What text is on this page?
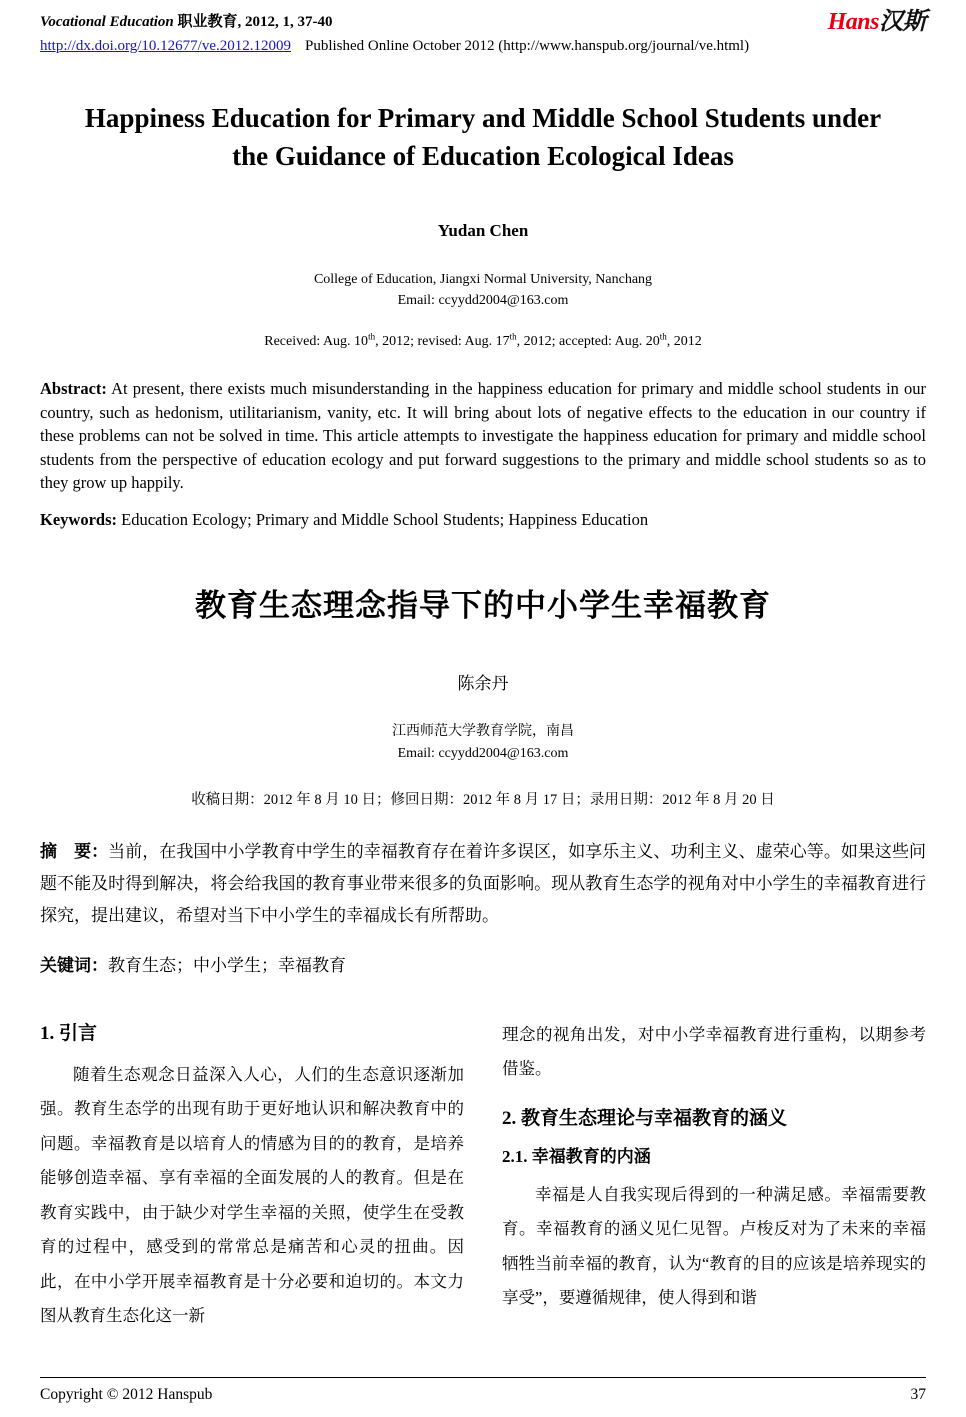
Vocational Education 职业教育, 2012, 1, 37-40	Hans汉斯
http://dx.doi.org/10.12677/ve.2012.12009 Published Online October 2012 (http://www.hanspub.org/journal/ve.html)
Happiness Education for Primary and Middle School Students under the Guidance of Education Ecological Ideas
Yudan Chen
College of Education, Jiangxi Normal University, Nanchang
Email: ccyydd2004@163.com
Received: Aug. 10th, 2012; revised: Aug. 17th, 2012; accepted: Aug. 20th, 2012

Abstract: At present, there exists much misunderstanding in the happiness education for primary and middle school students in our country, such as hedonism, utilitarianism, vanity, etc. It will bring about lots of negative effects to the education in our country if these problems can not be solved in time. This article attempts to investigate the happiness education for primary and middle school students from the perspective of education ecology and put forward suggestions to the primary and middle school students so as to they grow up happily.

Keywords: Education Ecology; Primary and Middle School Students; Happiness Education

教育生态理念指导下的中小学生幸福教育
陈余丹
江西师范大学教育学院，南昌
Email: ccyydd2004@163.com
收稿日期：2012 年 8 月 10 日；修回日期：2012 年 8 月 17 日；录用日期：2012 年 8 月 20 日

摘　要：当前，在我国中小学教育中学生的幸福教育存在着许多误区，如享乐主义、功利主义、虚荣心等。如果这些问题不能及时得到解决，将会给我国的教育事业带来很多的负面影响。现从教育生态学的视角对中小学生的幸福教育进行探究，提出建议，希望对当下中小学生的幸福成长有所帮助。

关键词：教育生态；中小学生；幸福教育

1. 引言

随着生态观念日益深入人心，人们的生态意识逐渐加强。教育生态学的出现有助于更好地认识和解决教育中的问题。幸福教育是以培育人的情感为目的的教育，是培养能够创造幸福、享有幸福的全面发展的人的教育。但是在教育实践中，由于缺少对学生幸福的关照，使学生在受教育的过程中，感受到的常常总是痛苦和心灵的扭曲。因此，在中小学开展幸福教育是十分必要和迫切的。本文力图从教育生态化这一新

理念的视角出发，对中小学幸福教育进行重构，以期参考借鉴。

2. 教育生态理论与幸福教育的涵义
2.1. 幸福教育的内涵

幸福是人自我实现后得到的一种满足感。幸福需要教育。幸福教育的涵义见仁见智。卢梭反对为了未来的幸福牺牲当前幸福的教育，认为“教育的目的应该是培养现实的享受”，要遵循规律，使人得到和谐

Copyright © 2012 Hanspub	37
